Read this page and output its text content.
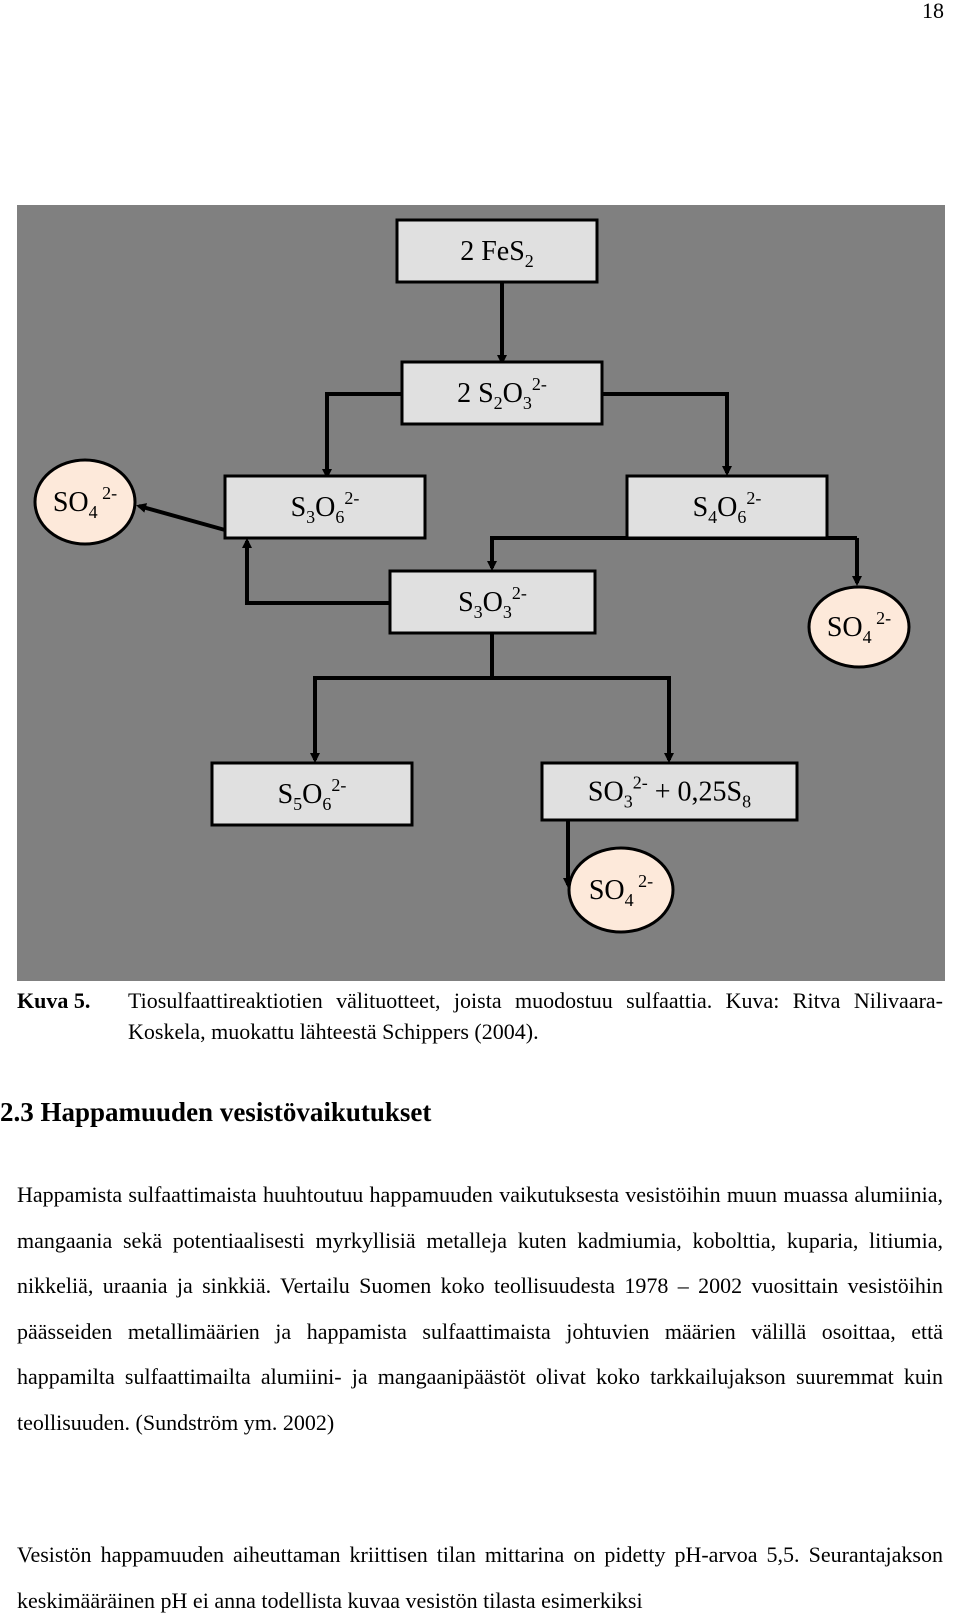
18
2 FeS$_2$
2 $S_2O_3^{2-}$
$S_3O_6^{2-}$	$S_4O_6^{2-}$
$S_3O_3^{2-}$
$S_5O_6^{2-}$	$SO_3^{2-} + 0,25S_8$
$SO_4$ $^{2-}$
$SO_4$ $^{2-}$
$SO_4$ $^{2-}$
Kuva 5. Tiosulfaattireaktiotien välituotteet, joista muodostuu sulfaattia. Kuva: Ritva Nilivaara-Koskela, muokattu lähteestä Schippers (2004).
2.3 Happamuuden vesistövaikutukset
Happamista sulfaattimaista huuhtoutuu happamuuden vaikutuksesta vesistöihin muun muassa alumiinia, mangaania sekä potentiaalisesti myrkyllisiä metalleja kuten kadmiumia, kobolttia, kuparia, litiumia, nikkeliä, uraania ja sinkkiä. Vertailu Suomen koko teollisuudesta 1978 – 2002 vuosittain vesistöihin päässeiden metallimäärien ja happamista sulfaattimaista johtuvien määrien välillä osoittaa, että happamilta sulfaattimailta alumiini- ja mangaanipäästöt olivat koko tarkkailujakson suuremmat kuin teollisuuden. (Sundström ym. 2002)
Vesistön happamuuden aiheuttaman kriittisen tilan mittarina on pidetty pH-arvoa 5,5. Seurantajakson keskimääräinen pH ei anna todellista kuvaa vesistön tilasta esimerkiksi
